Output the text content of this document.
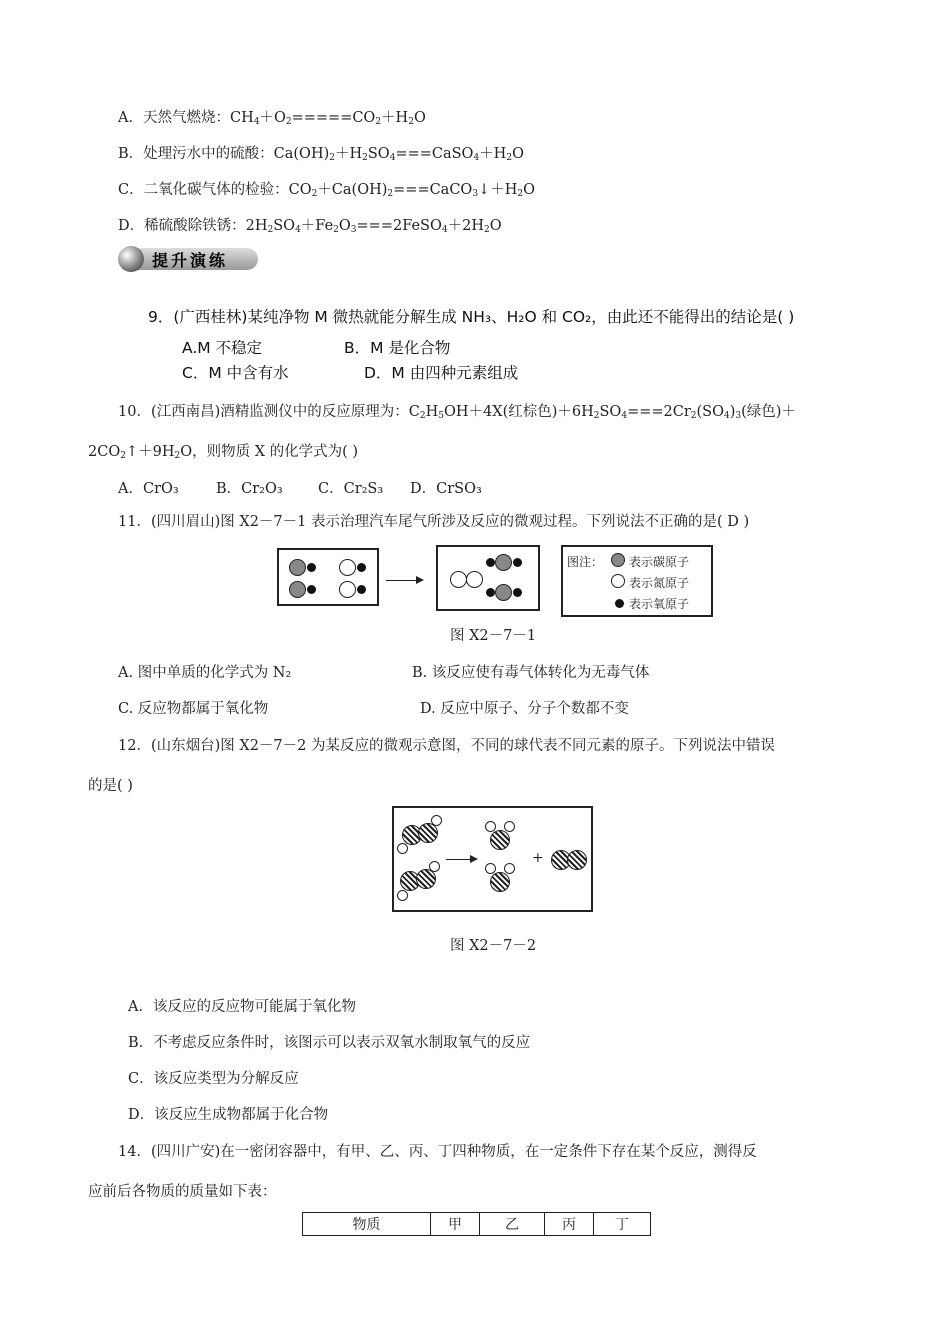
A．天然气燃烧：$CH_4+O_2=====CO_2+H_2O$
B．处理污水中的硫酸：$Ca(OH)_2+H_2SO_4===CaSO_4+H_2O$
C．二氧化碳气体的检验：$CO_2+Ca(OH)_2===CaCO_3↓+H_2O$
D．稀硫酸除铁锈：$2H_2SO_4+Fe_2O_3===2FeSO_4+2H_2O$
提升演练
9．(广西桂林)某纯净物 M 微热就能分解生成 NH₃、H₂O 和 CO₂，由此还不能得出的结论是( )
A.M 不稳定	B．M 是化合物
C．M 中含有水	D．M 由四种元素组成
10．(江西南昌)酒精监测仪中的反应原理为：$C_2H_5OH+4X$(红棕色)$+6H_2SO_4===2Cr_2(SO_4)_3$(绿色)＋
$2CO_2↑+9H_2O$，则物质 X 的化学式为( )
A．CrO₃	B．Cr₂O₃ C．Cr₂S₃ D．CrSO₃
11．(四川眉山)图 X2－7－1 表示治理汽车尾气所涉及反应的微观过程。下列说法不正确的是( D )
图注： 表示碳原子
表示氮原子
表示氧原子
图 X2－7－1
A. 图中单质的化学式为 N₂	B. 该反应使有毒气体转化为无毒气体
C. 反应物都属于氧化物	D. 反应中原子、分子个数都不变
12．(山东烟台)图 X2－7－2 为某反应的微观示意图，不同的球代表不同元素的原子。下列说法中错误
的是( )
+
图 X2－7－2
A．该反应的反应物可能属于氧化物
B．不考虑反应条件时，该图示可以表示双氧水制取氧气的反应
C．该反应类型为分解反应
D．该反应生成物都属于化合物
14．(四川广安)在一密闭容器中，有甲、乙、丙、丁四种物质，在一定条件下存在某个反应，测得反
应前后各物质的质量如下表：
物质	甲	乙	丙	丁
